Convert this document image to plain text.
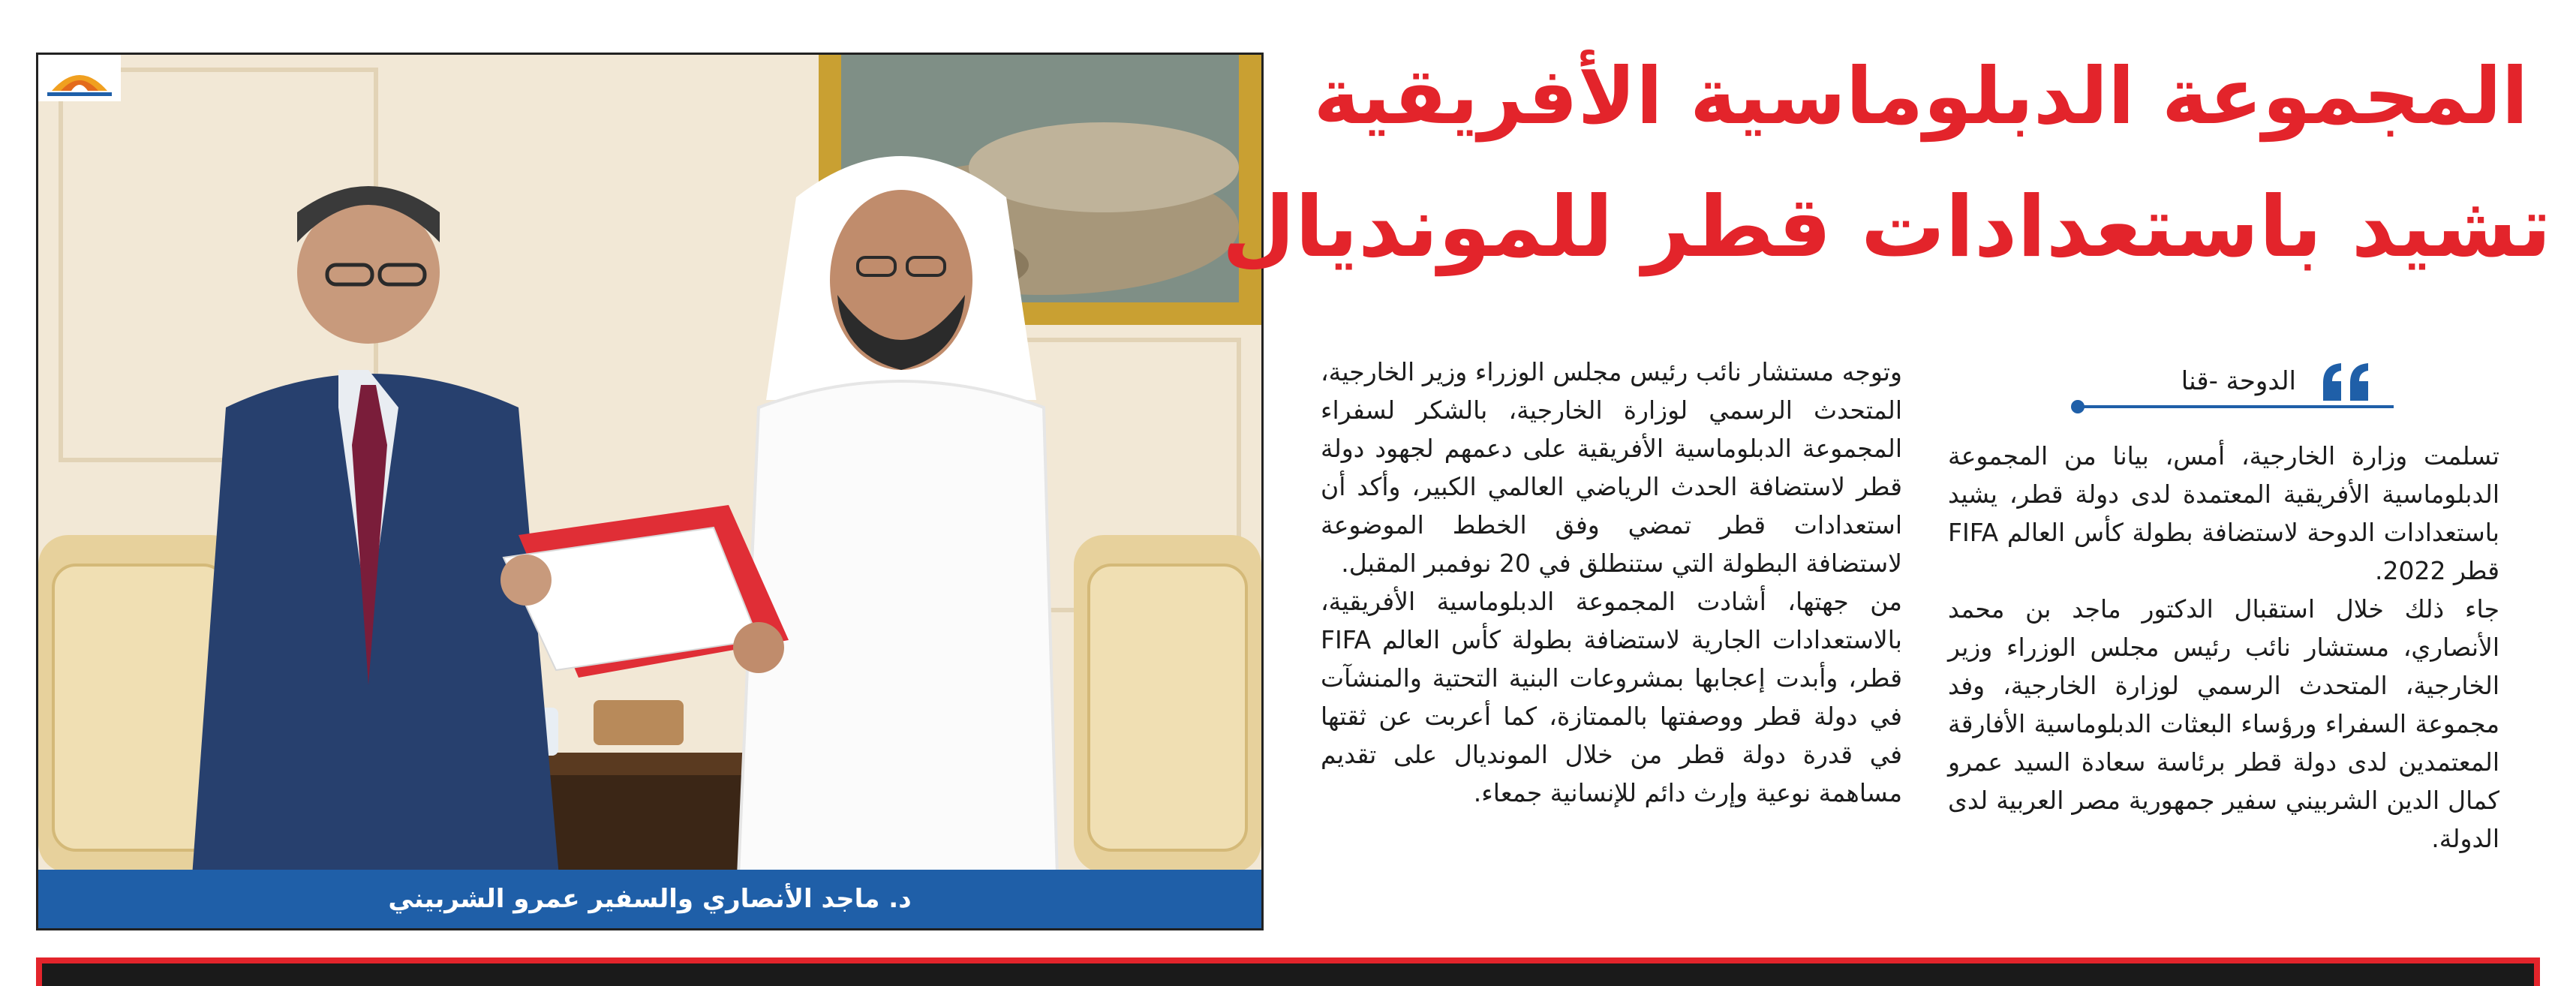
د. ماجد الأنصاري والسفير عمرو الشربيني
المجموعة الدبلوماسية الأفريقية
تشيد باستعدادات قطر للمونديال
الدوحة -قنا

تسلمت وزارة الخارجية، أمس، بيانا من المجموعة الدبلوماسية الأفريقية المعتمدة لدى دولة قطر، يشيد باستعدادات الدوحة لاستضافة بطولة كأس العالم FIFA قطر 2022.

جاء ذلك خلال استقبال الدكتور ماجد بن محمد الأنصاري، مستشار نائب رئيس مجلس الوزراء وزير الخارجية، المتحدث الرسمي لوزارة الخارجية، وفد مجموعة السفراء ورؤساء البعثات الدبلوماسية الأفارقة المعتمدين لدى دولة قطر برئاسة سعادة السيد عمرو كمال الدين الشربيني سفير جمهورية مصر العربية لدى الدولة.

وتوجه مستشار نائب رئيس مجلس الوزراء وزير الخارجية، المتحدث الرسمي لوزارة الخارجية، بالشكر لسفراء المجموعة الدبلوماسية الأفريقية على دعمهم لجهود دولة قطر لاستضافة الحدث الرياضي العالمي الكبير، وأكد أن استعدادات قطر تمضي وفق الخطط الموضوعة لاستضافة البطولة التي ستنطلق في 20 نوفمبر المقبل.

من جهتها، أشادت المجموعة الدبلوماسية الأفريقية، بالاستعدادات الجارية لاستضافة بطولة كأس العالم FIFA قطر، وأبدت إعجابها بمشروعات البنية التحتية والمنشآت في دولة قطر ووصفتها بالممتازة، كما أعربت عن ثقتها في قدرة دولة قطر من خلال المونديال على تقديم مساهمة نوعية وإرث دائم للإنسانية جمعاء.
